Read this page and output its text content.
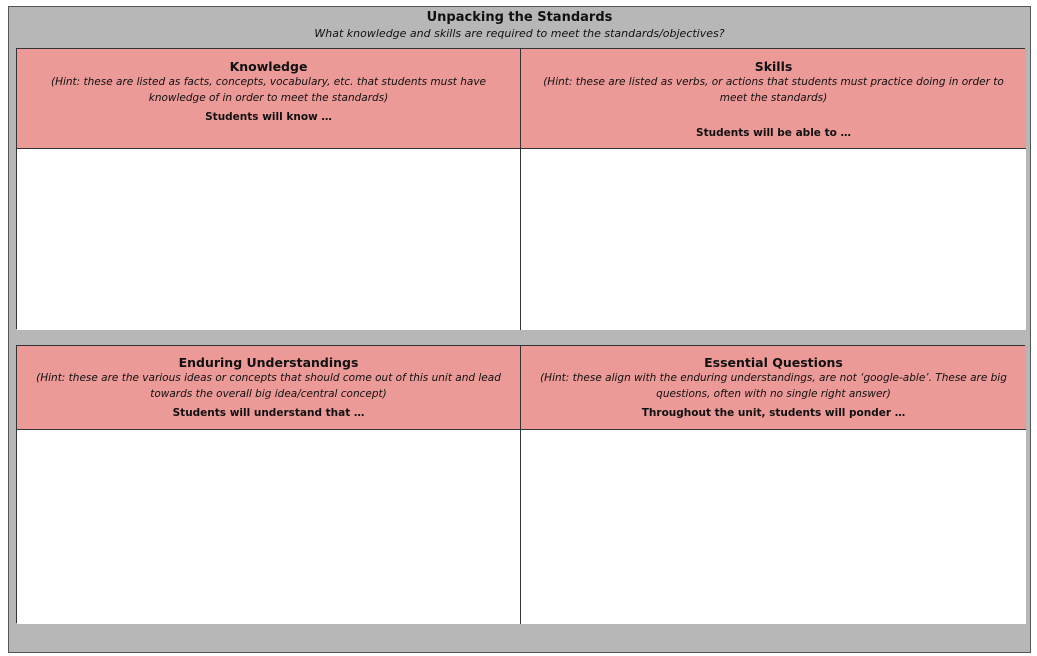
Unpacking the Standards
What knowledge and skills are required to meet the standards/objectives?
Knowledge
(Hint: these are listed as facts, concepts, vocabulary, etc. that students must have knowledge of in order to meet the standards)
Students will know …
Skills
(Hint: these are listed as verbs, or actions that students must practice doing in order to meet the standards)
Students will be able to …
Enduring Understandings
(Hint: these are the various ideas or concepts that should come out of this unit and lead towards the overall big idea/central concept)
Students will understand that …
Essential Questions
(Hint: these align with the enduring understandings, are not ‘google-able’. These are big questions, often with no single right answer)
Throughout the unit, students will ponder …
